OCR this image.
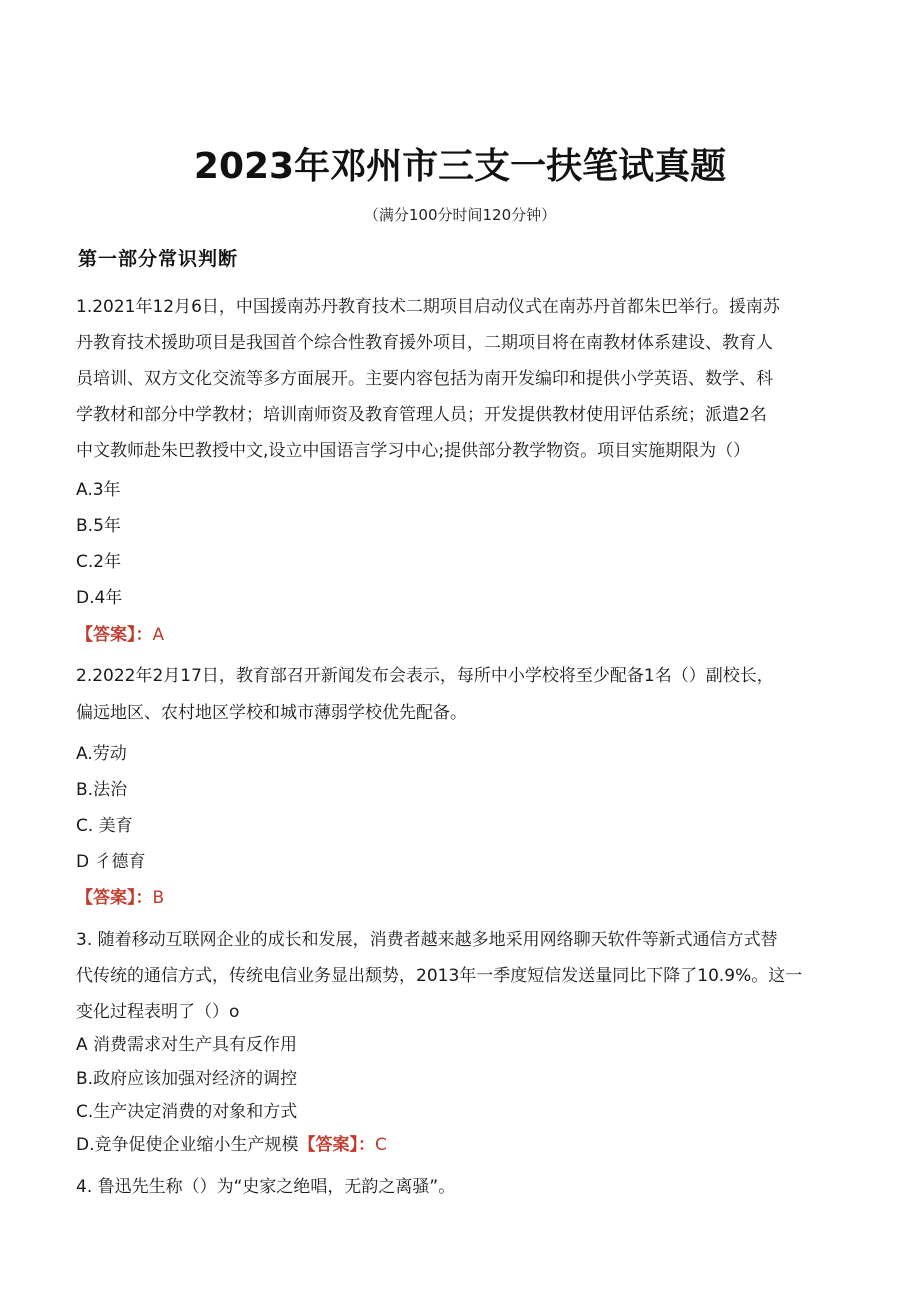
2023年邓州市三支一扶笔试真题
（满分100分时间120分钟）
第一部分常识判断
1.2021年12月6日，中国援南苏丹教育技术二期项目启动仪式在南苏丹首都朱巴举行。援南苏
丹教育技术援助项目是我国首个综合性教育援外项目，二期项目将在南教材体系建设、教育人
员培训、双方文化交流等多方面展开。主要内容包括为南开发编印和提供小学英语、数学、科
学教材和部分中学教材；培训南师资及教育管理人员；开发提供教材使用评估系统；派遣2名
中文教师赴朱巴教授中文,设立中国语言学习中心;提供部分教学物资。项目实施期限为（）
A.3年
B.5年
C.2年
D.4年
【答案】：A
2.2022年2月17日，教育部召开新闻发布会表示，每所中小学校将至少配备1名（）副校长，
偏远地区、农村地区学校和城市薄弱学校优先配备。
A.劳动
B.法治
C. 美育
D 彳德育
【答案】：B
3. 随着移动互联网企业的成长和发展，消费者越来越多地采用网络聊天软件等新式通信方式替
代传统的通信方式，传统电信业务显出颓势，2013年一季度短信发送量同比下降了10.9%。这一
变化过程表明了（）o
A 消费需求对生产具有反作用
B.政府应该加强对经济的调控
C.生产决定消费的对象和方式
D.竞争促使企业缩小生产规模【答案】：C
4. 鲁迅先生称（）为“史家之绝唱，无韵之离骚”。
